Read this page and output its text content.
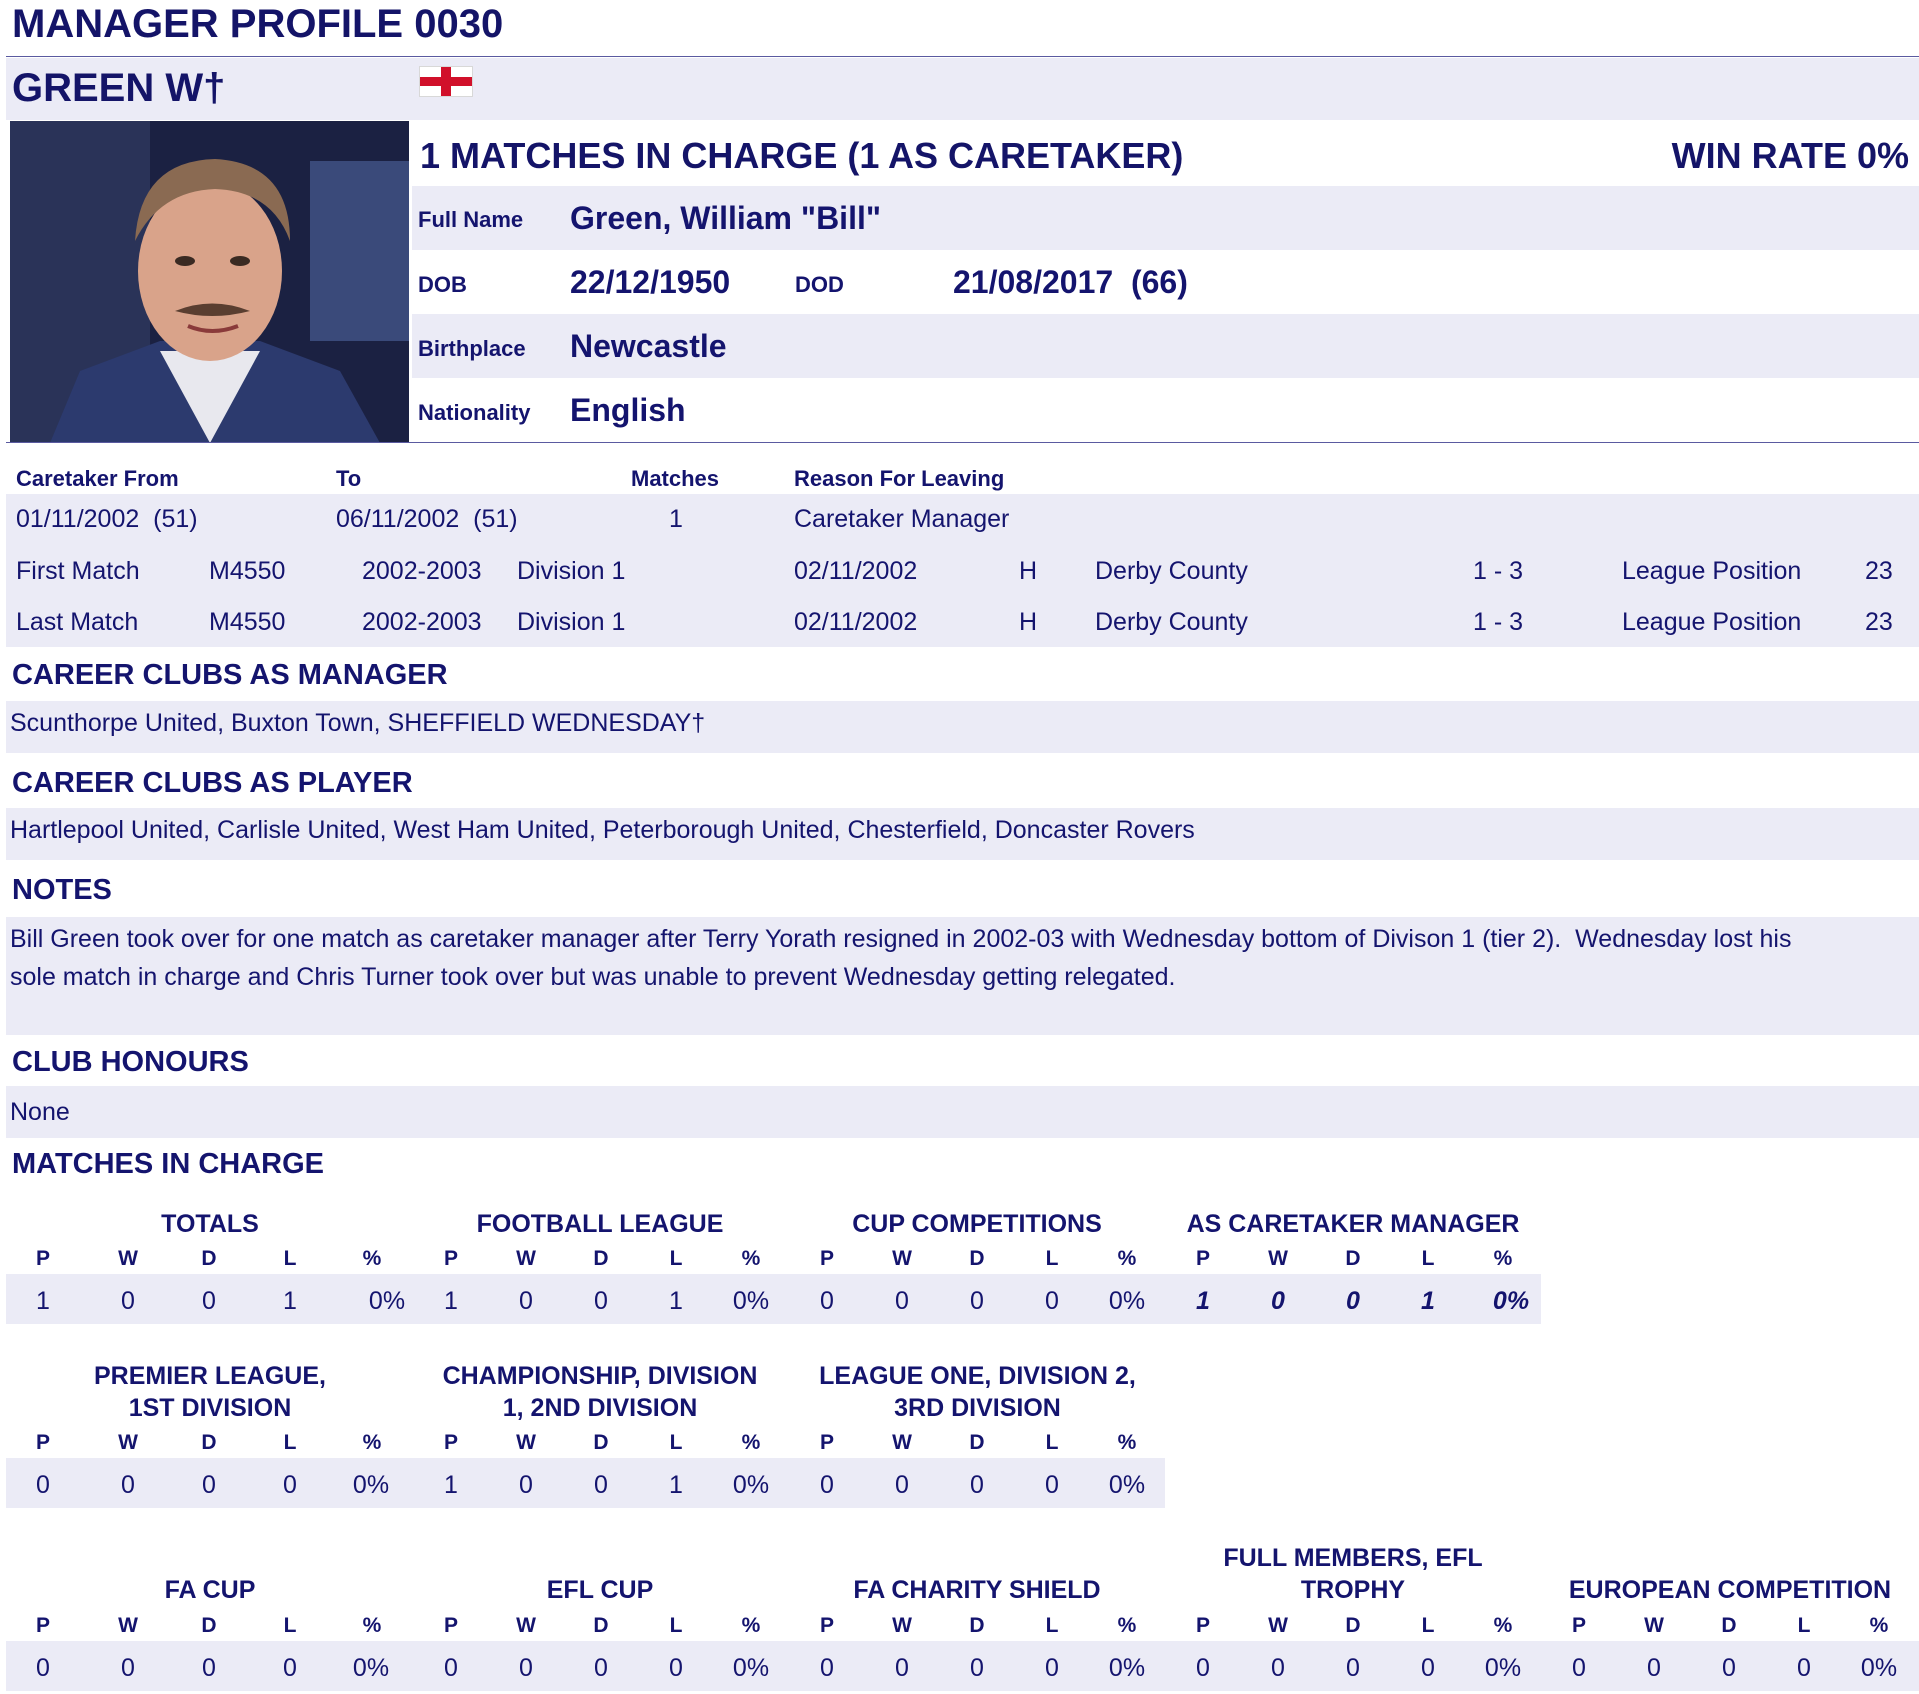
MANAGER PROFILE 0030
GREEN W†
1 MATCHES IN CHARGE (1 AS CARETAKER)	WIN RATE 0%
Full Name Green, William "Bill"
DOB	22/12/1950	DOD	21/08/2017  (66)
Birthplace Newcastle
Nationality English
Caretaker From	To	Matches	Reason For Leaving
01/11/2002  (51)	06/11/2002  (51)	1	Caretaker Manager
First Match	M4550	2002-2003 Division 1	02/11/2002	H Derby County	1 - 3	League Position	23
Last Match	M4550	2002-2003 Division 1	02/11/2002	H Derby County	1 - 3	League Position	23
CAREER CLUBS AS MANAGER
Scunthorpe United, Buxton Town, SHEFFIELD WEDNESDAY†
CAREER CLUBS AS PLAYER
Hartlepool United, Carlisle United, West Ham United, Peterborough United, Chesterfield, Doncaster Rovers
NOTES
Bill Green took over for one match as caretaker manager after Terry Yorath resigned in 2002-03 with Wednesday bottom of Divison 1 (tier 2).  Wednesday lost his
sole match in charge and Chris Turner took over but was unable to prevent Wednesday getting relegated.
CLUB HONOURS
None
MATCHES IN CHARGE
TOTALS
P	W	D	L	%
1	0	0	1	0%
FOOTBALL LEAGUE
P	W	D	L	%
1	0	0	1	0%
CUP COMPETITIONS
P	W	D	L	%
0	0	0	0	0%
AS CARETAKER MANAGER
P	W	D	L	%
1	0	0	1	0%
PREMIER LEAGUE, 1ST DIVISION
P	W	D	L	%
0	0	0	0	0%
CHAMPIONSHIP, DIVISION 1, 2ND DIVISION
P	W	D	L	%
1	0	0	1	0%
LEAGUE ONE, DIVISION 2, 3RD DIVISION
P	W	D	L	%
0	0	0	0	0%
FA CUP
P	W	D	L	%
0	0	0	0	0%
EFL CUP
P	W	D	L	%
0	0	0	0	0%
FA CHARITY SHIELD
P	W	D	L	%
0	0	0	0	0%
FULL MEMBERS, EFL TROPHY
P	W	D	L	%
0	0	0	0	0%
EUROPEAN COMPETITION
P	W	D	L	%
0	0	0	0	0%
